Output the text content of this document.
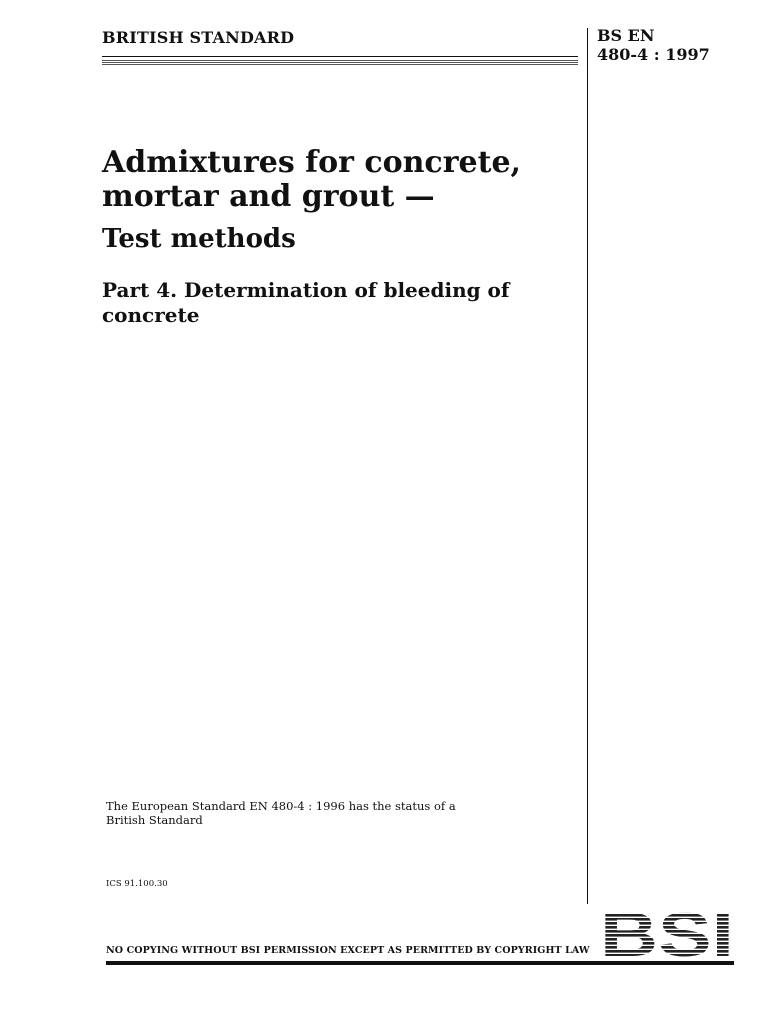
BRITISH STANDARD	BS EN
480-4 : 1997
Admixtures for concrete,
mortar and grout —
Test methods
Part 4. Determination of bleeding of
concrete
The European Standard EN 480-4 : 1996 has the status of a
British Standard
ICS 91.100.30
NO COPYING WITHOUT BSI PERMISSION EXCEPT AS PERMITTED BY COPYRIGHT LAW BSI
